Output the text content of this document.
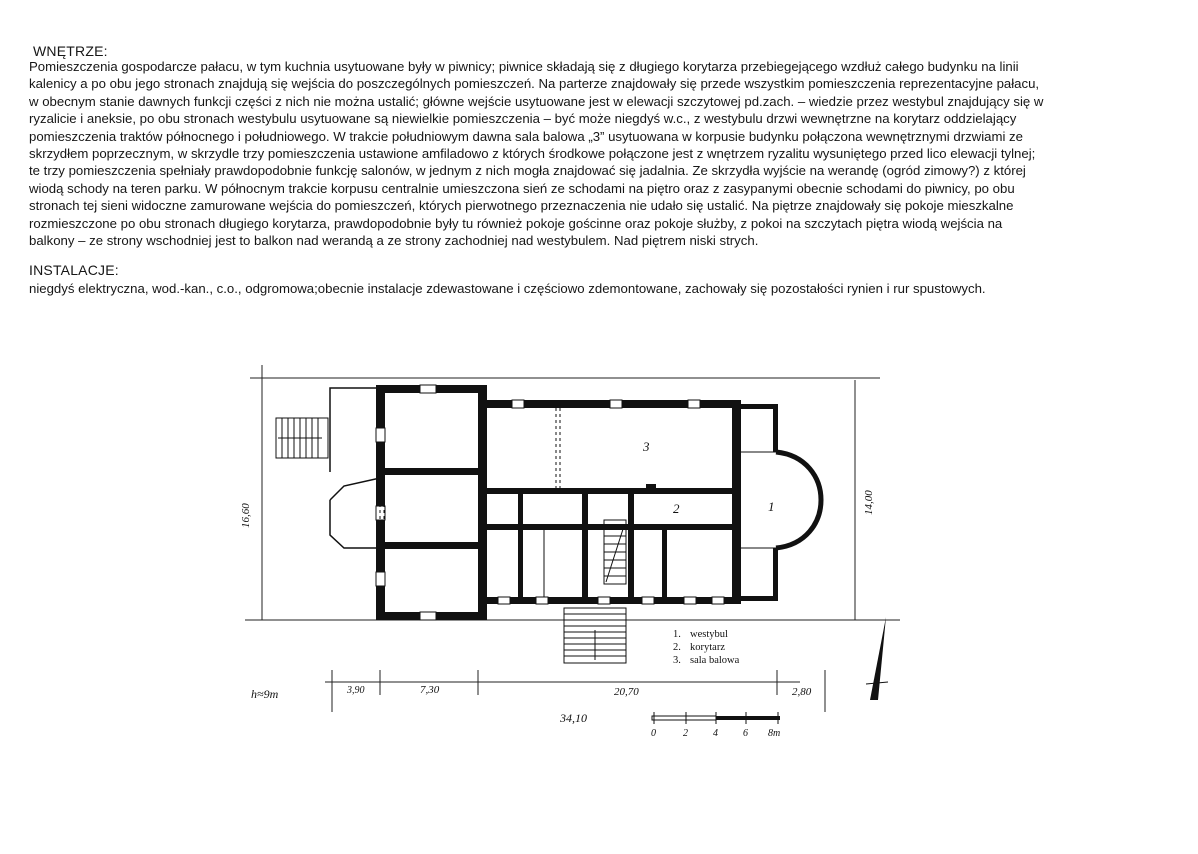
WNĘTRZE:
Pomieszczenia gospodarcze pałacu, w tym kuchnia usytuowane były w piwnicy; piwnice składają się z długiego korytarza przebiegejącego wzdłuż całego budynku na linii
kalenicy a po obu jego stronach znajdują się wejścia do poszczególnych pomieszczeń. Na parterze znajdowały się przede wszystkim pomieszczenia reprezentacyjne pałacu,
w obecnym stanie dawnych funkcji części z nich nie można ustalić; główne wejście usytuowane jest w elewacji szczytowej pd.zach. – wiedzie przez westybul znajdujący się w
ryzalicie i aneksie, po obu stronach westybulu usytuowane są niewielkie pomieszczenia – być może niegdyś w.c., z westybulu drzwi wewnętrzne na korytarz oddzielający
pomieszczenia traktów północnego i południowego. W trakcie południowym dawna sala balowa „3” usytuowana w korpusie budynku połączona wewnętrznymi drzwiami ze
skrzydłem poprzecznym, w skrzydle trzy pomieszczenia ustawione amfiladowo z których środkowe połączone jest z wnętrzem ryzalitu wysuniętego przed lico elewacji tylnej;
te trzy pomieszczenia spełniały prawdopodobnie funkcję salonów, w jednym z nich mogła znajdować się jadalnia. Ze skrzydła wyjście na werandę (ogród zimowy?) z której
wiodą schody na teren parku. W północnym trakcie korpusu centralnie umieszczona sień ze schodami na piętro oraz z zasypanymi obecnie schodami do piwnicy, po obu
stronach tej sieni widoczne zamurowane wejścia do pomieszczeń, których pierwotnego przeznaczenia nie udało się ustalić. Na piętrze znajdowały się pokoje mieszkalne
rozmieszczone po obu stronach długiego korytarza, prawdopodobnie były tu również pokoje gościnne oraz pokoje służby, z pokoi na szczytach piętra wiodą wejścia na
balkony – ze strony wschodniej jest to balkon nad werandą a ze strony zachodniej nad westybulem. Nad piętrem niski strych.
INSTALACJE:
niegdyś elektryczna, wod.-kan., c.o., odgromowa;obecnie instalacje zdewastowane i częściowo zdemontowane, zachowały się pozostałości rynien i rur spustowych.
3
2	1
3,90	7,30	20,70	2,80
34,10
h≈9m
16,60
14,00
1. westybul
2. korytarz
3. sala balowa
0	2	4	6 8m
